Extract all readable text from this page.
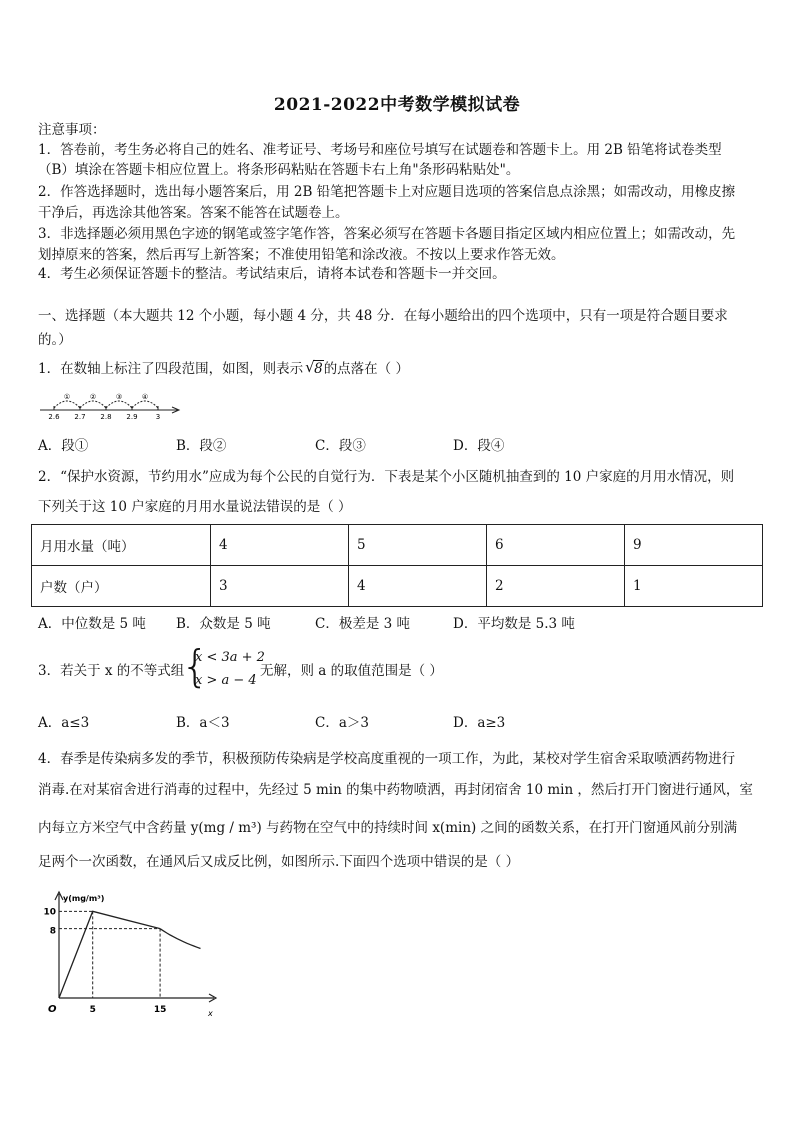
2021-2022中考数学模拟试卷
注意事项：
1．答卷前，考生务必将自己的姓名、准考证号、考场号和座位号填写在试题卷和答题卡上。用 2B 铅笔将试卷类型
（B）填涂在答题卡相应位置上。将条形码粘贴在答题卡右上角"条形码粘贴处"。
2．作答选择题时，选出每小题答案后，用 2B 铅笔把答题卡上对应题目选项的答案信息点涂黑；如需改动，用橡皮擦
干净后，再选涂其他答案。答案不能答在试题卷上。
3．非选择题必须用黑色字迹的钢笔或签字笔作答，答案必须写在答题卡各题目指定区域内相应位置上；如需改动，先
划掉原来的答案，然后再写上新答案；不准使用铅笔和涂改液。不按以上要求作答无效。
4．考生必须保证答题卡的整洁。考试结束后，请将本试卷和答题卡一并交回。
一、选择题（本大题共 12 个小题，每小题 4 分，共 48 分．在每小题给出的四个选项中，只有一项是符合题目要求
的。）
1．在数轴上标注了四段范围，如图，则表示 √ 8的点落在（ ）
①	②	③	④
2.6 2.7 2.8 2.9	3
A．段①	B．段②	C．段③	D．段④
2．“保护水资源，节约用水”应成为每个公民的自觉行为．下表是某个小区随机抽查到的 10 户家庭的月用水情况，则
下列关于这 10 户家庭的月用水量说法错误的是（ ）
月用水量（吨）	4	5	6	9
户数（户）	3	4	2	1
A．中位数是 5 吨 B．众数是 5 吨	C．极差是 3 吨	D．平均数是 5.3 吨
3．若关于 x 的不等式组
{
x < 3a + 2
x > a − 4
无解，则 a 的取值范围是（ ）
A．a≤3	B．a＜3	C．a＞3	D．a≥3
4．春季是传染病多发的季节，积极预防传染病是学校高度重视的一项工作，为此，某校对学生宿舍采取喷洒药物进行
消毒.在对某宿舍进行消毒的过程中，先经过 5 min 的集中药物喷洒，再封闭宿舍 10 min ，然后打开门窗进行通风，室
内每立方米空气中含药量 y(mg / m³) 与药物在空气中的持续时间 x(min) 之间的函数关系，在打开门窗通风前分别满
足两个一次函数，在通风后又成反比例，如图所示.下面四个选项中错误的是（ ）
y(mg/m³)
x
O	5	15
10
8
